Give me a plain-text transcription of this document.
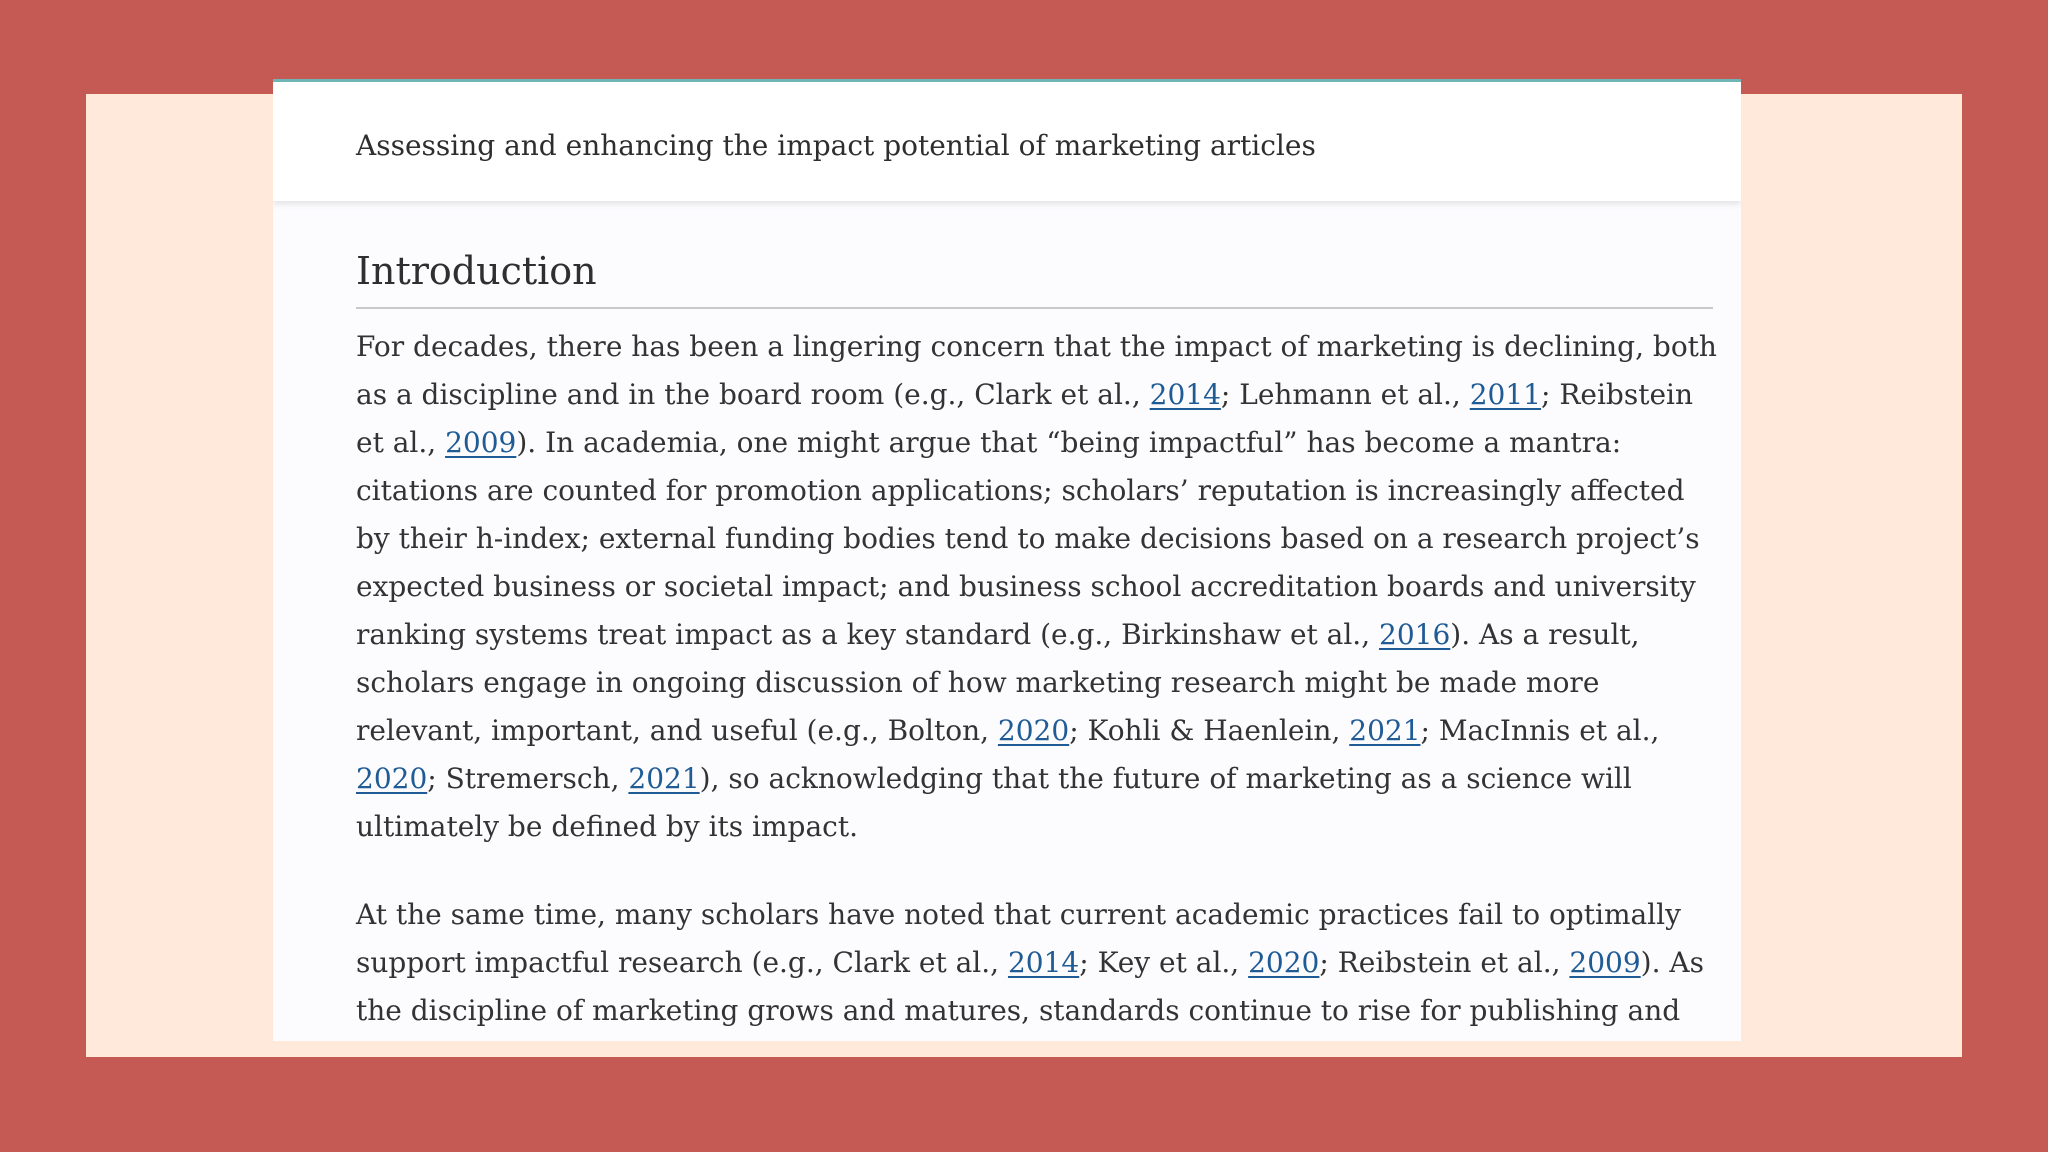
Assessing and enhancing the impact potential of marketing articles
Introduction

For decades, there has been a lingering concern that the impact of marketing is declining, both
as a discipline and in the board room (e.g., Clark et al., 2014; Lehmann et al., 2011; Reibstein
et al., 2009). In academia, one might argue that “being impactful” has become a mantra:
citations are counted for promotion applications; scholars’ reputation is increasingly affected
by their h-index; external funding bodies tend to make decisions based on a research project’s
expected business or societal impact; and business school accreditation boards and university
ranking systems treat impact as a key standard (e.g., Birkinshaw et al., 2016). As a result,
scholars engage in ongoing discussion of how marketing research might be made more
relevant, important, and useful (e.g., Bolton, 2020; Kohli & Haenlein, 2021; MacInnis et al.,
2020; Stremersch, 2021), so acknowledging that the future of marketing as a science will
ultimately be defined by its impact.

At the same time, many scholars have noted that current academic practices fail to optimally
support impactful research (e.g., Clark et al., 2014; Key et al., 2020; Reibstein et al., 2009). As
the discipline of marketing grows and matures, standards continue to rise for publishing and
